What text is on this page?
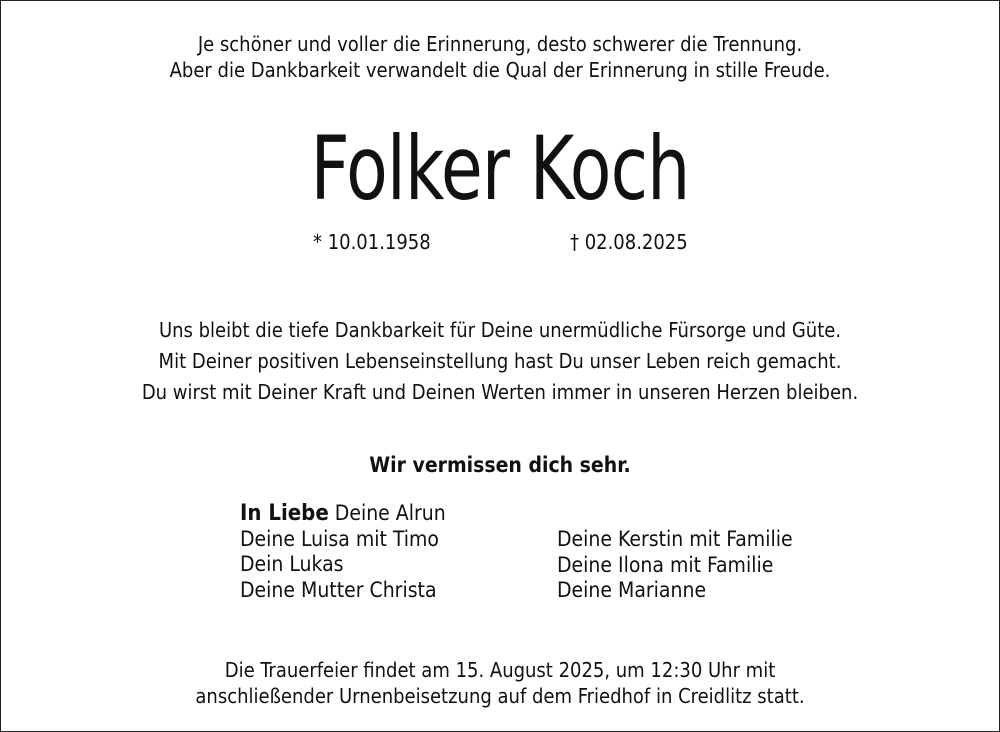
Je schöner und voller die Erinnerung, desto schwerer die Trennung.
Aber die Dankbarkeit verwandelt die Qual der Erinnerung in stille Freude.
Folker Koch
* 10.01.1958	† 02.08.2025
Uns bleibt die tiefe Dankbarkeit für Deine unermüdliche Fürsorge und Güte.
Mit Deiner positiven Lebenseinstellung hast Du unser Leben reich gemacht.
Du wirst mit Deiner Kraft und Deinen Werten immer in unseren Herzen bleiben.
Wir vermissen dich sehr.
In Liebe Deine Alrun
Deine Luisa mit Timo
Dein Lukas
Deine Mutter Christa
Deine Kerstin mit Familie
Deine Ilona mit Familie
Deine Marianne
Die Trauerfeier findet am 15. August 2025, um 12:30 Uhr mit
anschließender Urnenbeisetzung auf dem Friedhof in Creidlitz statt.
